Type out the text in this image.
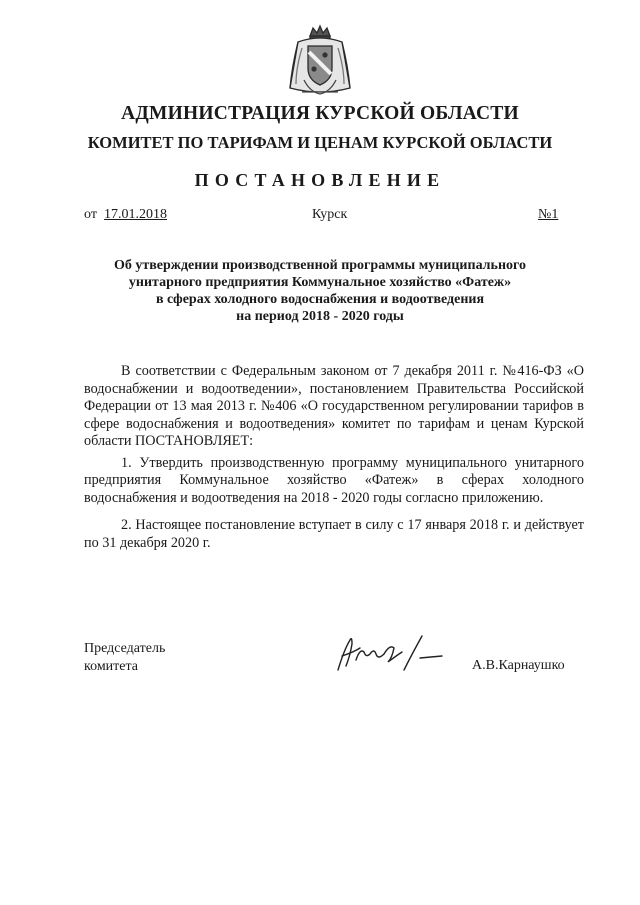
АДМИНИСТРАЦИЯ КУРСКОЙ ОБЛАСТИ
КОМИТЕТ ПО ТАРИФАМ И ЦЕНАМ КУРСКОЙ ОБЛАСТИ
ПОСТАНОВЛЕНИЕ
от 17.01.2018	Курск	№1
Об утверждении производственной программы муниципального
унитарного предприятия Коммунальное хозяйство «Фатеж»
в сферах холодного водоснабжения и водоотведения
на период 2018 - 2020 годы

В соответствии с Федеральным законом от 7 декабря 2011 г. №416-ФЗ «О водоснабжении и водоотведении», постановлением Правительства Российской Федерации от 13 мая 2013 г. №406 «О государственном регулировании тарифов в сфере водоснабжения и водоотведения» комитет по тарифам и ценам Курской области ПОСТАНОВЛЯЕТ:

1. Утвердить производственную программу муниципального унитарного предприятия Коммунальное хозяйство «Фатеж» в сферах холодного водоснабжения и водоотведения на 2018 - 2020 годы согласно приложению.

2. Настоящее постановление вступает в силу с 17 января 2018 г. и действует по 31 декабря 2020 г.

Председатель
комитета	А.В.Карнаушко
